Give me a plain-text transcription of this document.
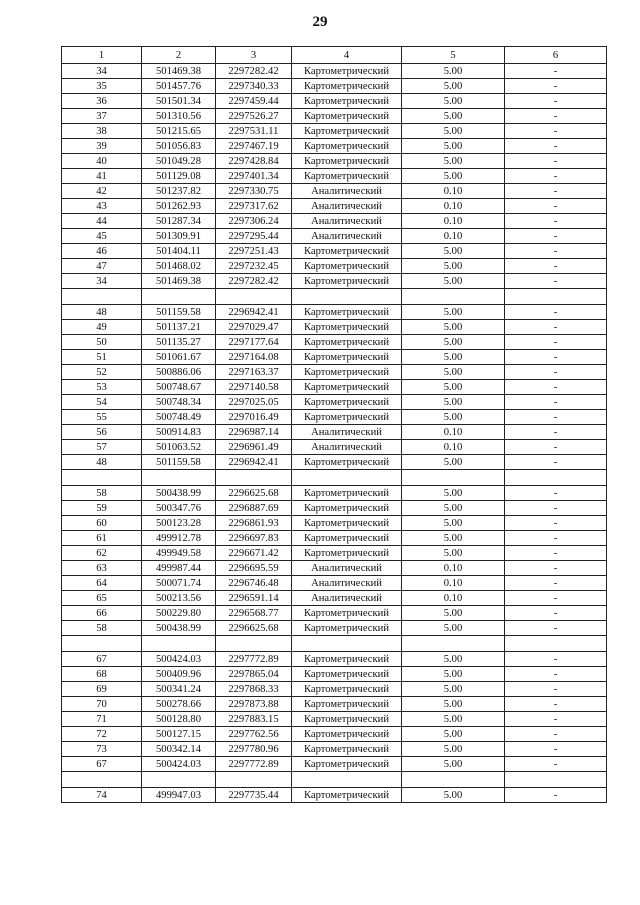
29
1	2	3	4	5	6
34	501469.38	2297282.42	Картометрический	5.00	-
35	501457.76	2297340.33	Картометрический	5.00	-
36	501501.34	2297459.44	Картометрический	5.00	-
37	501310.56	2297526.27	Картометрический	5.00	-
38	501215.65	2297531.11	Картометрический	5.00	-
39	501056.83	2297467.19	Картометрический	5.00	-
40	501049.28	2297428.84	Картометрический	5.00	-
41	501129.08	2297401.34	Картометрический	5.00	-
42	501237.82	2297330.75	Аналитический	0.10	-
43	501262.93	2297317.62	Аналитический	0.10	-
44	501287.34	2297306.24	Аналитический	0.10	-
45	501309.91	2297295.44	Аналитический	0.10	-
46	501404.11	2297251.43	Картометрический	5.00	-
47	501468.02	2297232.45	Картометрический	5.00	-
34	501469.38	2297282.42	Картометрический	5.00	-

48	501159.58	2296942.41	Картометрический	5.00	-
49	501137.21	2297029.47	Картометрический	5.00	-
50	501135.27	2297177.64	Картометрический	5.00	-
51	501061.67	2297164.08	Картометрический	5.00	-
52	500886.06	2297163.37	Картометрический	5.00	-
53	500748.67	2297140.58	Картометрический	5.00	-
54	500748.34	2297025.05	Картометрический	5.00	-
55	500748.49	2297016.49	Картометрический	5.00	-
56	500914.83	2296987.14	Аналитический	0.10	-
57	501063.52	2296961.49	Аналитический	0.10	-
48	501159.58	2296942.41	Картометрический	5.00	-

58	500438.99	2296625.68	Картометрический	5.00	-
59	500347.76	2296887.69	Картометрический	5.00	-
60	500123.28	2296861.93	Картометрический	5.00	-
61	499912.78	2296697.83	Картометрический	5.00	-
62	499949.58	2296671.42	Картометрический	5.00	-
63	499987.44	2296695.59	Аналитический	0.10	-
64	500071.74	2296746.48	Аналитический	0.10	-
65	500213.56	2296591.14	Аналитический	0.10	-
66	500229.80	2296568.77	Картометрический	5.00	-
58	500438.99	2296625.68	Картометрический	5.00	-

67	500424.03	2297772.89	Картометрический	5.00	-
68	500409.96	2297865.04	Картометрический	5.00	-
69	500341.24	2297868.33	Картометрический	5.00	-
70	500278.66	2297873.88	Картометрический	5.00	-
71	500128.80	2297883.15	Картометрический	5.00	-
72	500127.15	2297762.56	Картометрический	5.00	-
73	500342.14	2297780.96	Картометрический	5.00	-
67	500424.03	2297772.89	Картометрический	5.00	-

74	499947.03	2297735.44	Картометрический	5.00	-
